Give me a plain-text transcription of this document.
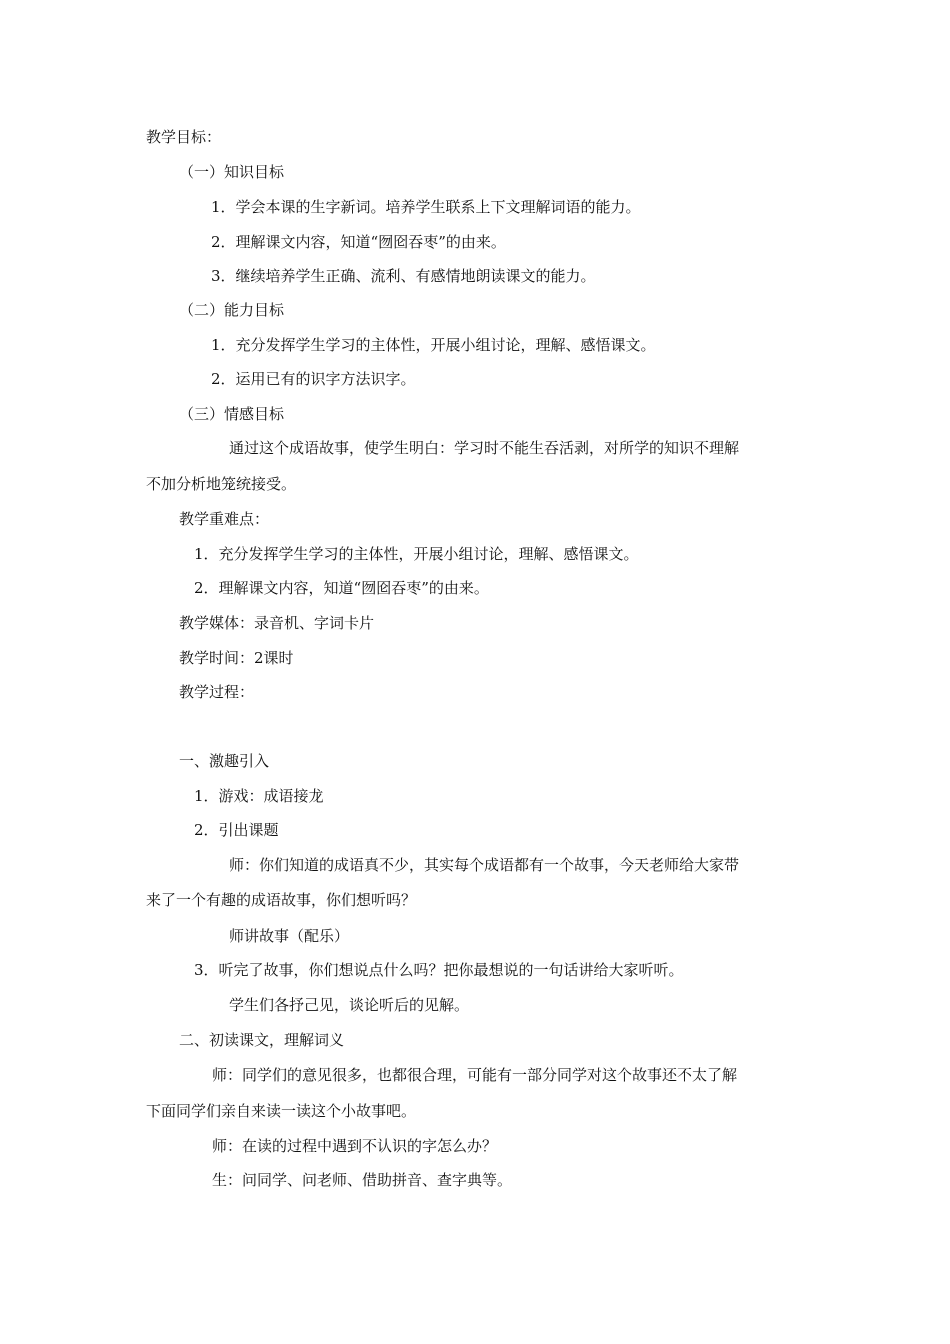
教学目标：
（一）知识目标
1．学会本课的生字新词。培养学生联系上下文理解词语的能力。
2．理解课文内容，知道“囫囵吞枣”的由来。
3．继续培养学生正确、流利、有感情地朗读课文的能力。
（二）能力目标
1．充分发挥学生学习的主体性，开展小组讨论，理解、感悟课文。
2．运用已有的识字方法识字。
（三）情感目标
通过这个成语故事，使学生明白：学习时不能生吞活剥，对所学的知识不理解
不加分析地笼统接受。
教学重难点：
1．充分发挥学生学习的主体性，开展小组讨论，理解、感悟课文。
2．理解课文内容，知道“囫囵吞枣”的由来。
教学媒体：录音机、字词卡片
教学时间：2课时
教学过程：
一、激趣引入
1．游戏：成语接龙
2．引出课题
师：你们知道的成语真不少，其实每个成语都有一个故事，今天老师给大家带
来了一个有趣的成语故事，你们想听吗？
师讲故事（配乐）
3．听完了故事，你们想说点什么吗？把你最想说的一句话讲给大家听听。
学生们各抒己见，谈论听后的见解。
二、初读课文，理解词义
师：同学们的意见很多，也都很合理，可能有一部分同学对这个故事还不太了解
下面同学们亲自来读一读这个小故事吧。
师：在读的过程中遇到不认识的字怎么办？
生：问同学、问老师、借助拼音、查字典等。
